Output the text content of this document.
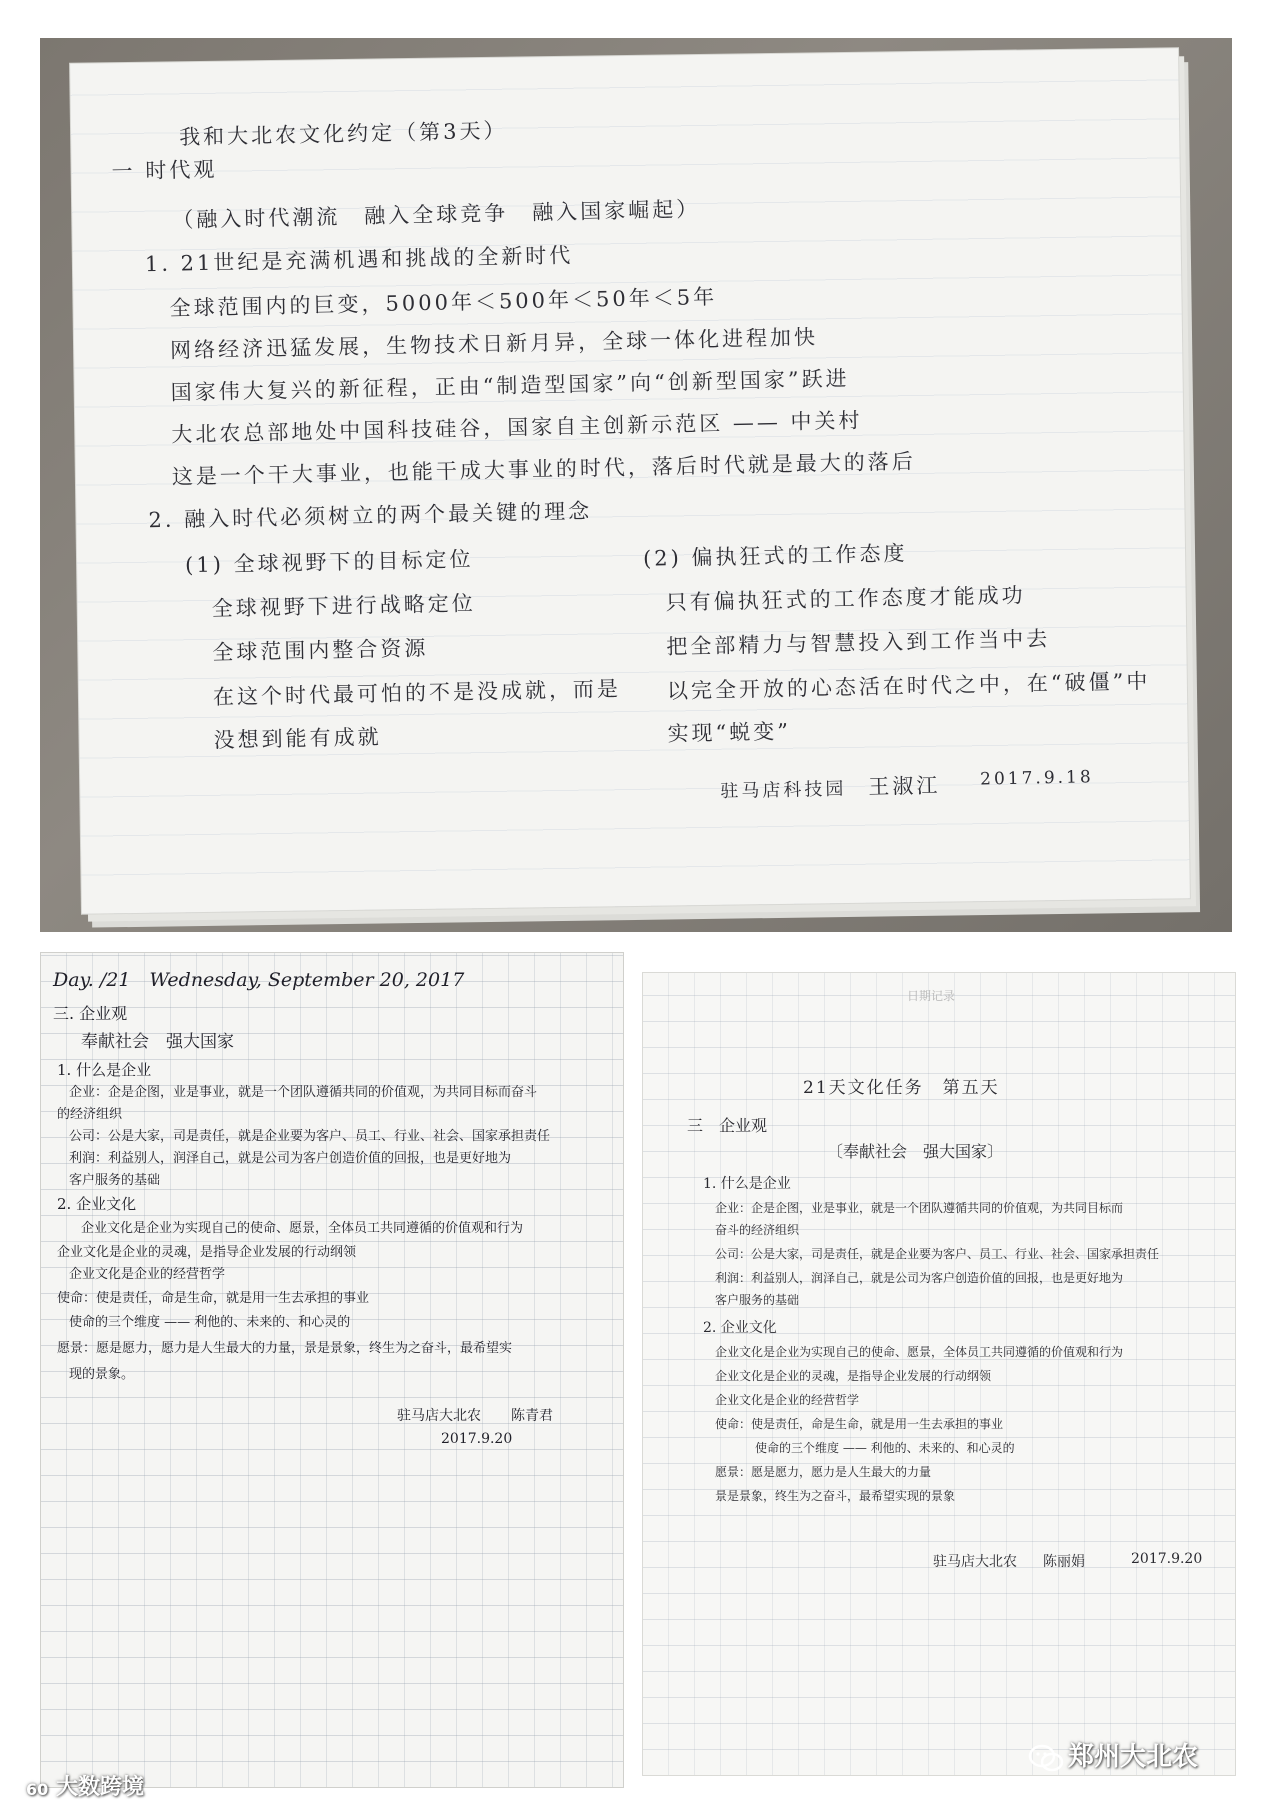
我和大北农文化约定（第3天）
一 时代观
（融入时代潮流　融入全球竞争　融入国家崛起）
1. 21世纪是充满机遇和挑战的全新时代
全球范围内的巨变，5000年＜500年＜50年＜5年
网络经济迅猛发展，生物技术日新月异，全球一体化进程加快
国家伟大复兴的新征程，正由“制造型国家”向“创新型国家”跃进
大北农总部地处中国科技硅谷，国家自主创新示范区 —— 中关村
这是一个干大事业，也能干成大事业的时代，落后时代就是最大的落后
2. 融入时代必须树立的两个最关键的理念
(1) 全球视野下的目标定位
全球视野下进行战略定位
全球范围内整合资源
在这个时代最可怕的不是没成就，而是
没想到能有成就
(2) 偏执狂式的工作态度
只有偏执狂式的工作态度才能成功
把全部精力与智慧投入到工作当中去
以完全开放的心态活在时代之中，在“破僵”中
实现“蜕变”
驻马店科技园 王淑江 2017.9.18
Day. /21　Wednesday, September 20, 2017
三. 企业观
奉献社会　强大国家
1. 什么是企业
企业：企是企图，业是事业，就是一个团队遵循共同的价值观，为共同目标而奋斗
的经济组织
公司：公是大家，司是责任，就是企业要为客户、员工、行业、社会、国家承担责任
利润：利益别人，润泽自己，就是公司为客户创造价值的回报，也是更好地为
客户服务的基础
2. 企业文化
企业文化是企业为实现自己的使命、愿景，全体员工共同遵循的价值观和行为
企业文化是企业的灵魂，是指导企业发展的行动纲领
企业文化是企业的经营哲学
使命：使是责任，命是生命，就是用一生去承担的事业
使命的三个维度 —— 利他的、未来的、和心灵的
愿景：愿是愿力，愿力是人生最大的力量，景是景象，终生为之奋斗，最希望实
现的景象。
驻马店大北农 陈青君
2017.9.20
日期记录
21天文化任务　第五天
三　企业观
〔奉献社会　强大国家〕
1. 什么是企业
企业：企是企图，业是事业，就是一个团队遵循共同的价值观，为共同目标而
奋斗的经济组织
公司：公是大家，司是责任，就是企业要为客户、员工、行业、社会、国家承担责任
利润：利益别人，润泽自己，就是公司为客户创造价值的回报，也是更好地为
客户服务的基础
2. 企业文化
企业文化是企业为实现自己的使命、愿景，全体员工共同遵循的价值观和行为
企业文化是企业的灵魂，是指导企业发展的行动纲领
企业文化是企业的经营哲学
使命：使是责任，命是生命，就是用一生去承担的事业
使命的三个维度 —— 利他的、未来的、和心灵的
愿景：愿是愿力，愿力是人生最大的力量
景是景象，终生为之奋斗，最希望实现的景象
驻马店大北农 陈丽娟	2017.9.20
60 大数跨境
郑州大北农
